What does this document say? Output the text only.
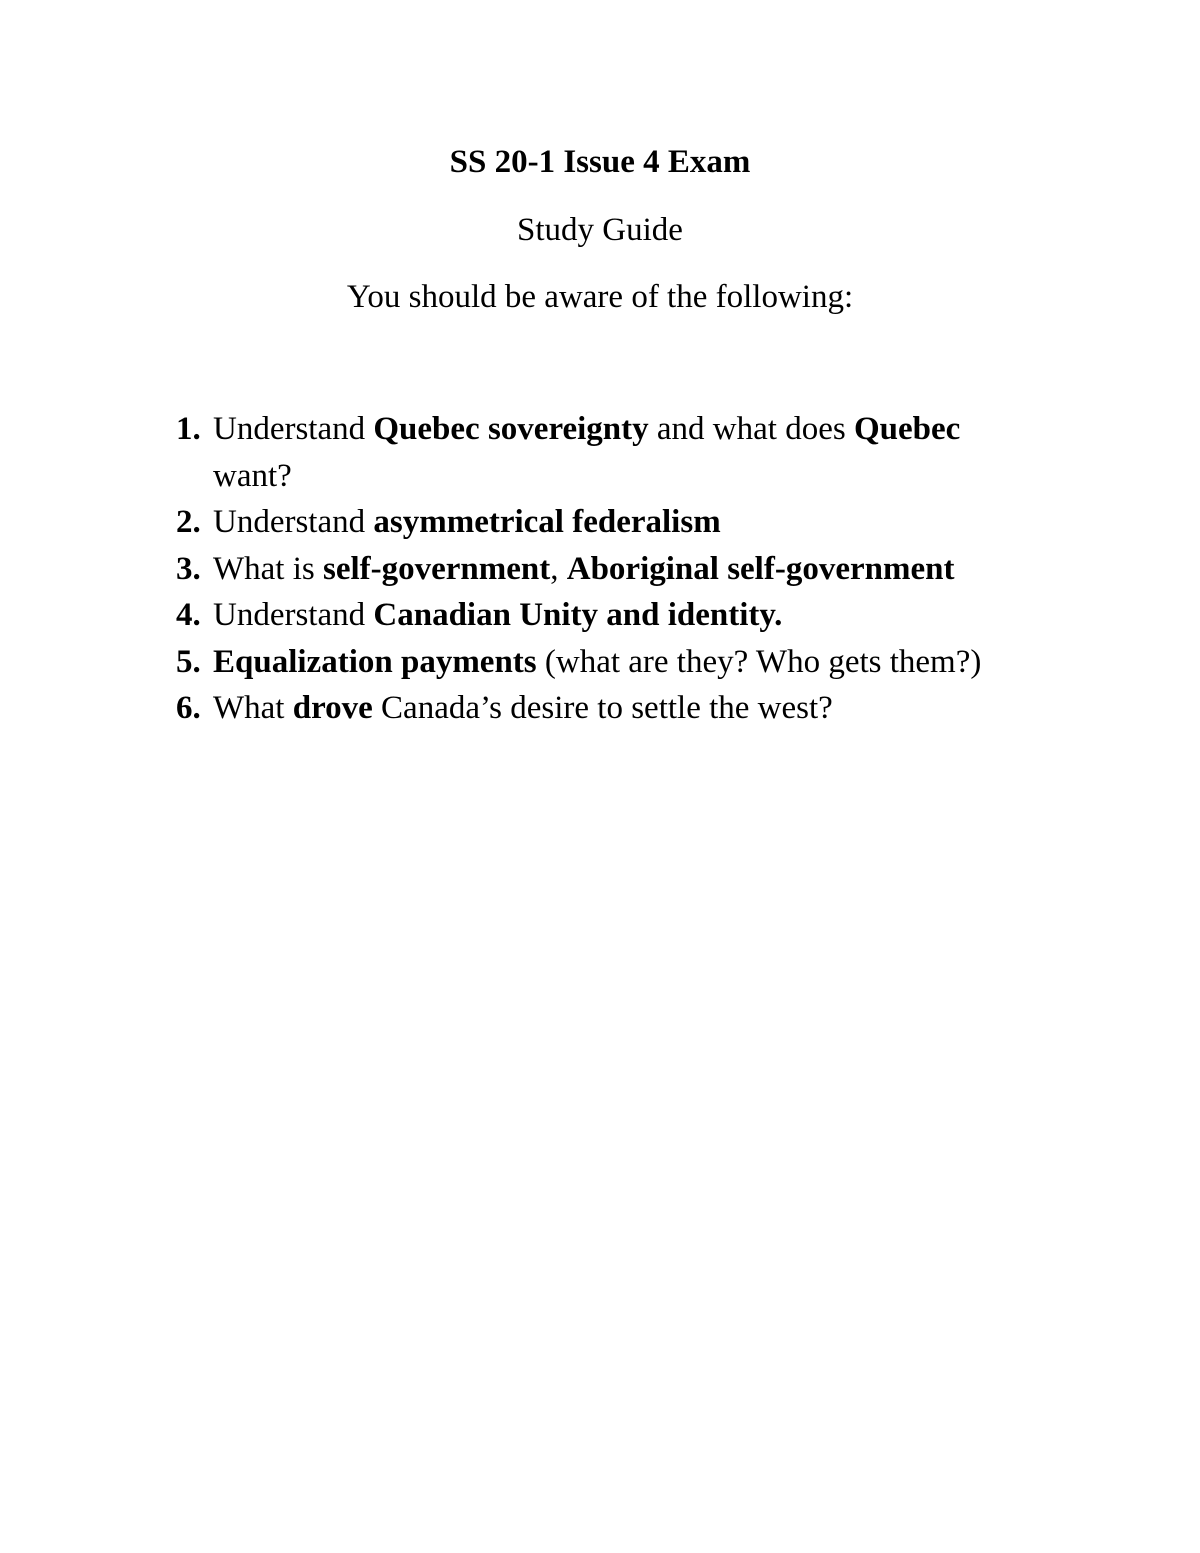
SS 20-1 Issue 4 Exam

Study Guide

You should be aware of the following:

1. Understand Quebec sovereignty and what does Quebec
want?
2. Understand asymmetrical federalism
3. What is self-government, Aboriginal self-government
4. Understand Canadian Unity and identity.
5. Equalization payments (what are they? Who gets them?)
6. What drove Canada’s desire to settle the west?
